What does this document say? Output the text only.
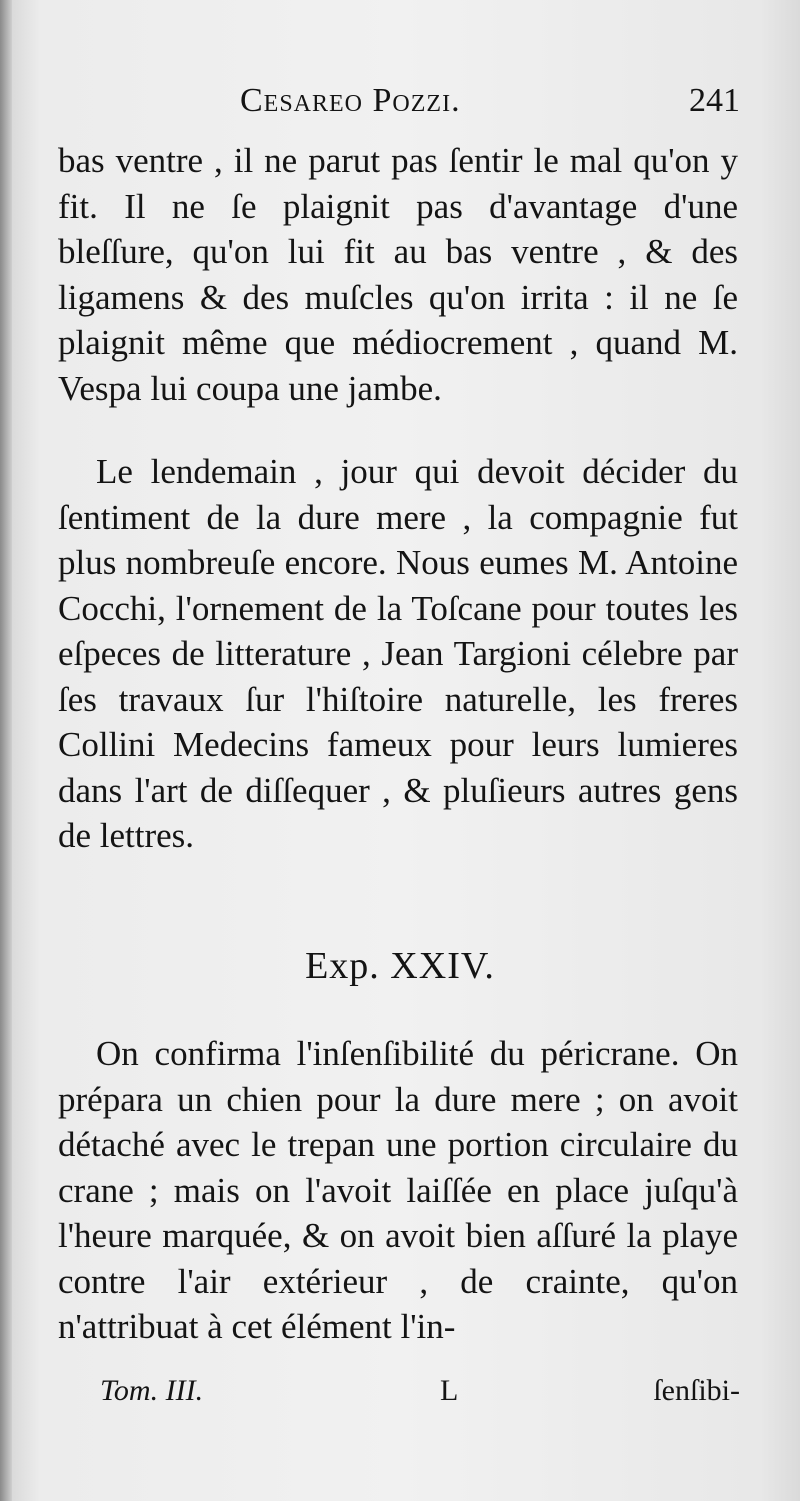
Cesareo Pozzi.	241

bas ventre , il ne parut pas ſentir le mal qu'on y fit. Il ne ſe plaignit pas d'avantage d'une bleſſure, qu'on lui fit au bas ventre , & des ligamens & des muſcles qu'on irrita : il ne ſe plaignit même que médiocrement , quand M. Vespa lui coupa une jambe.

Le lendemain , jour qui devoit décider du ſentiment de la dure mere , la compagnie fut plus nombreuſe encore. Nous eumes M. Antoine Cocchi, l'ornement de la Toſcane pour toutes les eſpeces de litterature , Jean Targioni célebre par ſes travaux ſur l'hiſtoire naturelle, les freres Collini Medecins fameux pour leurs lumieres dans l'art de diſſequer , & pluſieurs autres gens de lettres.

Exp. XXIV.

On confirma l'inſenſibilité du péricrane. On prépara un chien pour la dure mere ; on avoit détaché avec le trepan une portion circulaire du crane ; mais on l'avoit laiſſée en place juſqu'à l'heure marquée, & on avoit bien aſſuré la playe contre l'air extérieur , de crainte, qu'on n'attribuat à cet élément l'in-

Tom. III.	L	ſenſibi-
